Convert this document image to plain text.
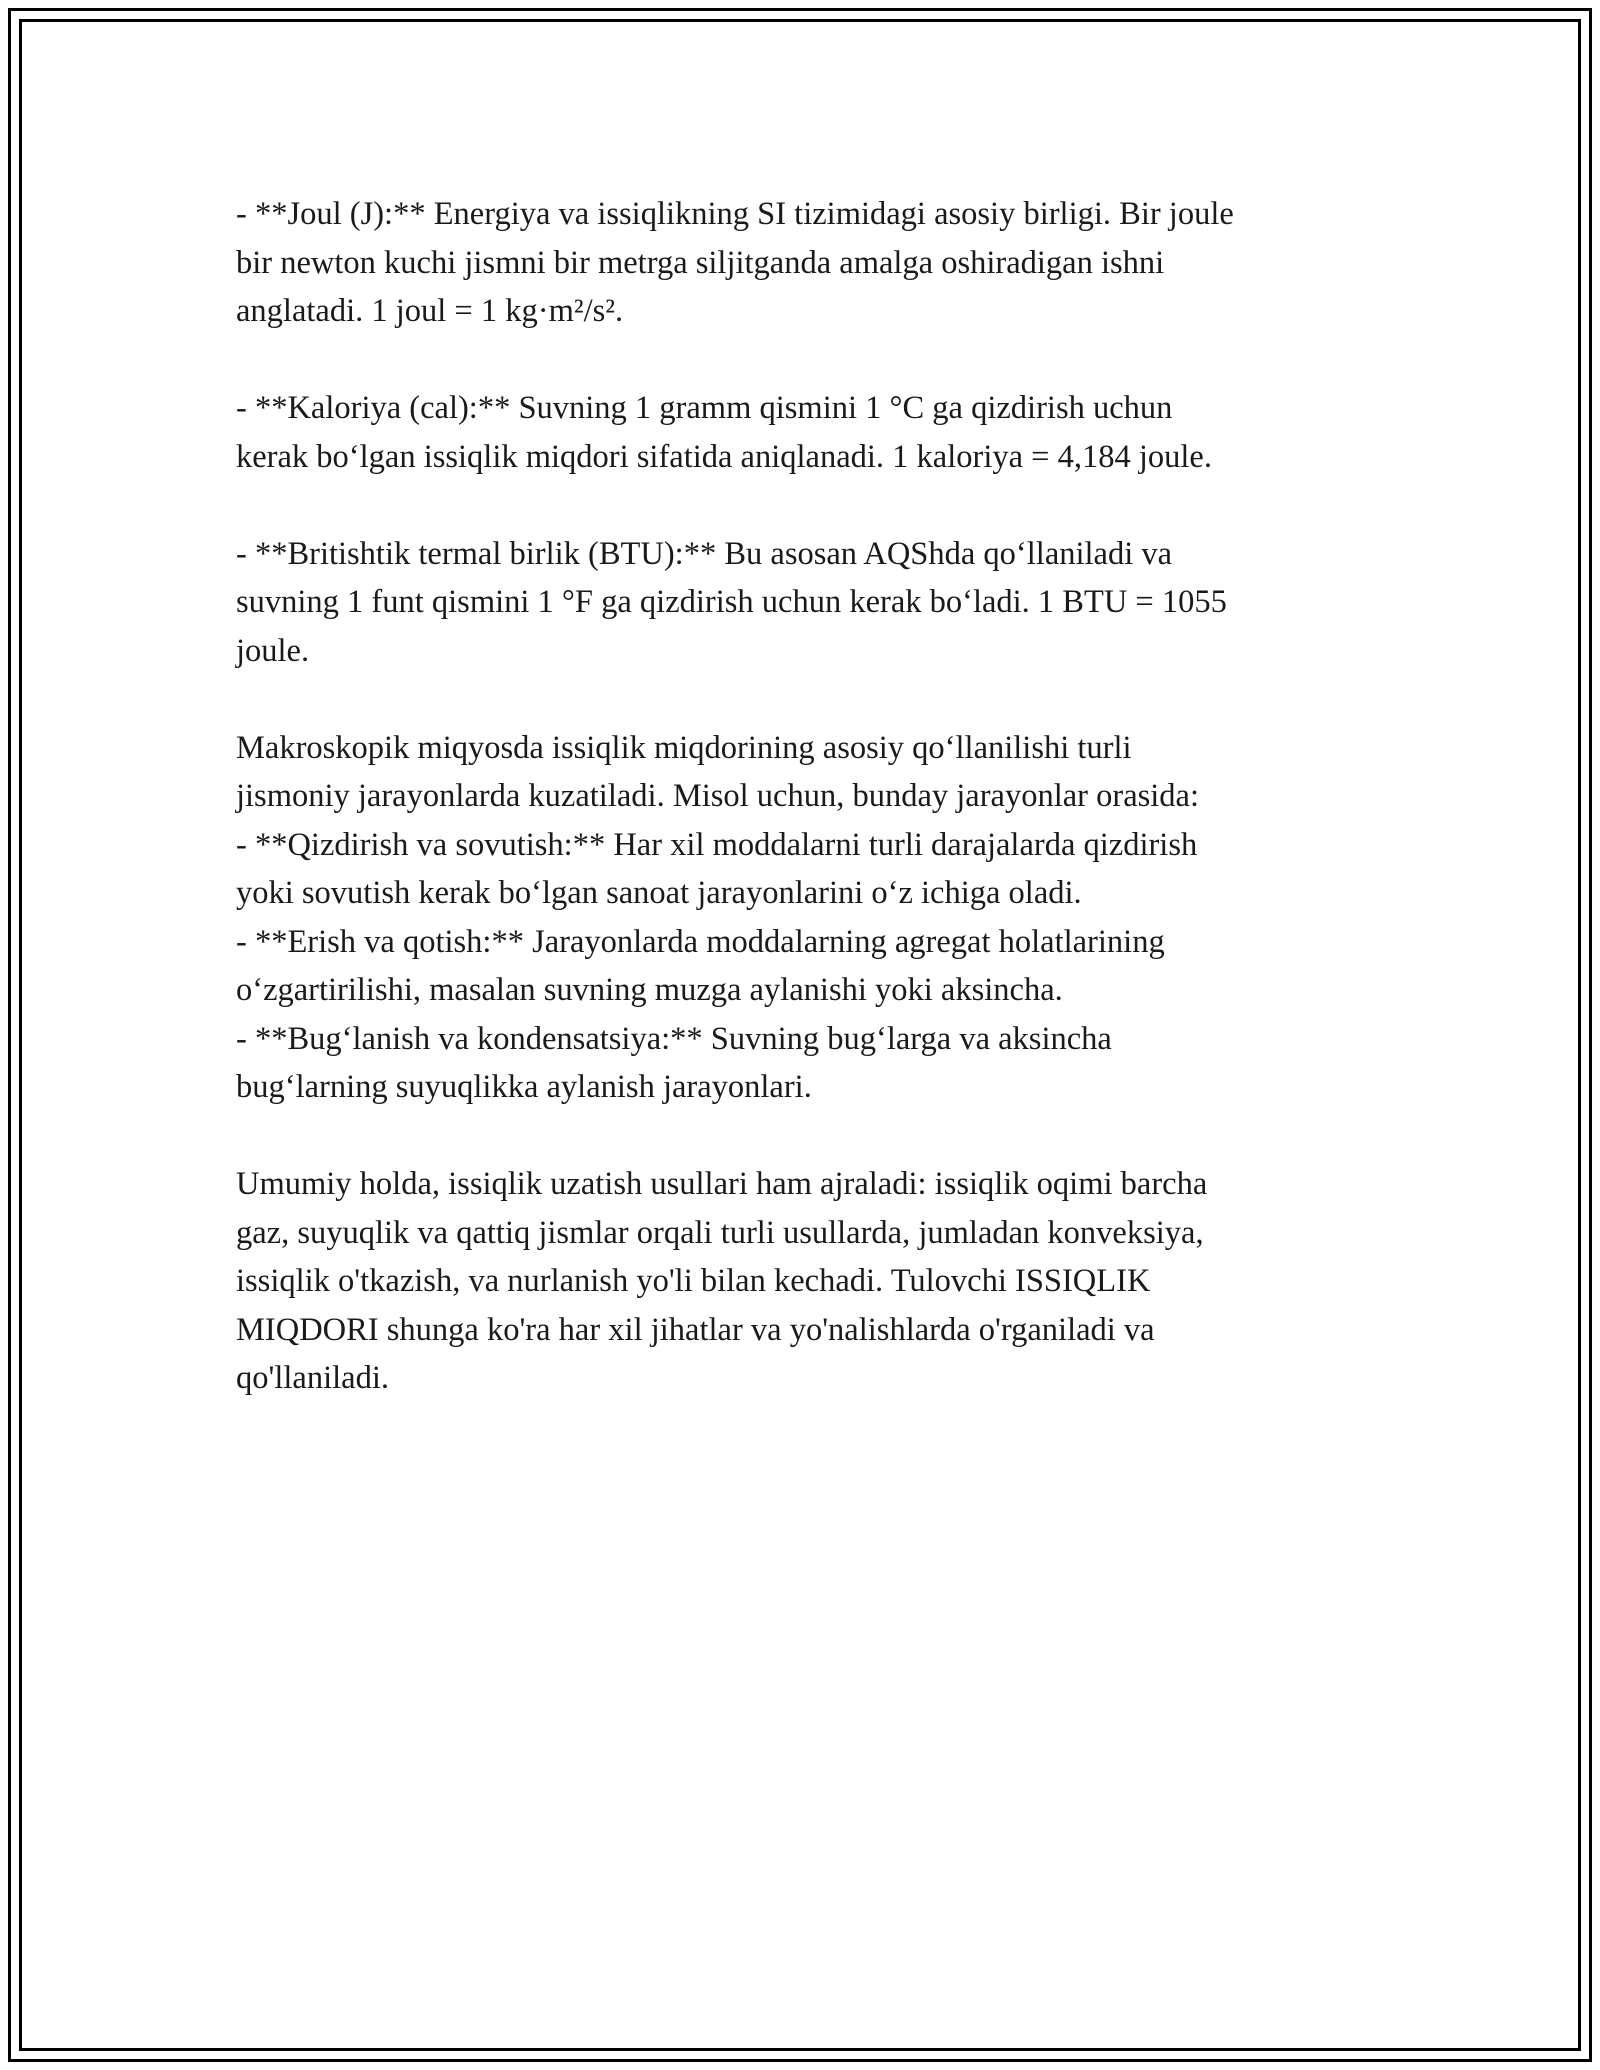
- **Joul (J):** Energiya va issiqlikning SI tizimidagi asosiy birligi. Bir joule
bir newton kuchi jismni bir metrga siljitganda amalga oshiradigan ishni
anglatadi. 1 joul = 1 kg·m²/s².
- **Kaloriya (cal):** Suvning 1 gramm qismini 1 °C ga qizdirish uchun
kerak bo‘lgan issiqlik miqdori sifatida aniqlanadi. 1 kaloriya = 4,184 joule.
- **Britishtik termal birlik (BTU):** Bu asosan AQShda qo‘llaniladi va
suvning 1 funt qismini 1 °F ga qizdirish uchun kerak bo‘ladi. 1 BTU = 1055
joule.
Makroskopik miqyosda issiqlik miqdorining asosiy qo‘llanilishi turli
jismoniy jarayonlarda kuzatiladi. Misol uchun, bunday jarayonlar orasida:
- **Qizdirish va sovutish:** Har xil moddalarni turli darajalarda qizdirish
yoki sovutish kerak bo‘lgan sanoat jarayonlarini o‘z ichiga oladi.
- **Erish va qotish:** Jarayonlarda moddalarning agregat holatlarining
o‘zgartirilishi, masalan suvning muzga aylanishi yoki aksincha.
- **Bug‘lanish va kondensatsiya:** Suvning bug‘larga va aksincha
bug‘larning suyuqlikka aylanish jarayonlari.
Umumiy holda, issiqlik uzatish usullari ham ajraladi: issiqlik oqimi barcha
gaz, suyuqlik va qattiq jismlar orqali turli usullarda, jumladan konveksiya,
issiqlik o'tkazish, va nurlanish yo'li bilan kechadi. Tulovchi ISSIQLIK
MIQDORI shunga ko'ra har xil jihatlar va yo'nalishlarda o'rganiladi va
qo'llaniladi.
